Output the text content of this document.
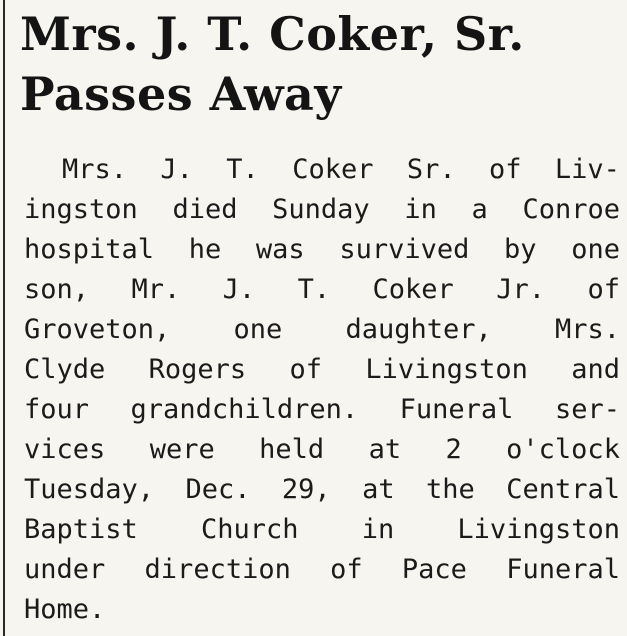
Mrs. J. T. Coker, Sr.
Passes Away
Mrs. J. T. Coker Sr. of Liv-
ingston died Sunday in a Conroe
hospital he was survived by one
son, Mr. J. T. Coker Jr. of
Groveton, one daughter, Mrs.
Clyde Rogers of Livingston and
four grandchildren. Funeral ser-
vices were held at 2 o'clock
Tuesday, Dec. 29, at the Central
Baptist Church in Livingston
under direction of Pace Funeral
Home.
